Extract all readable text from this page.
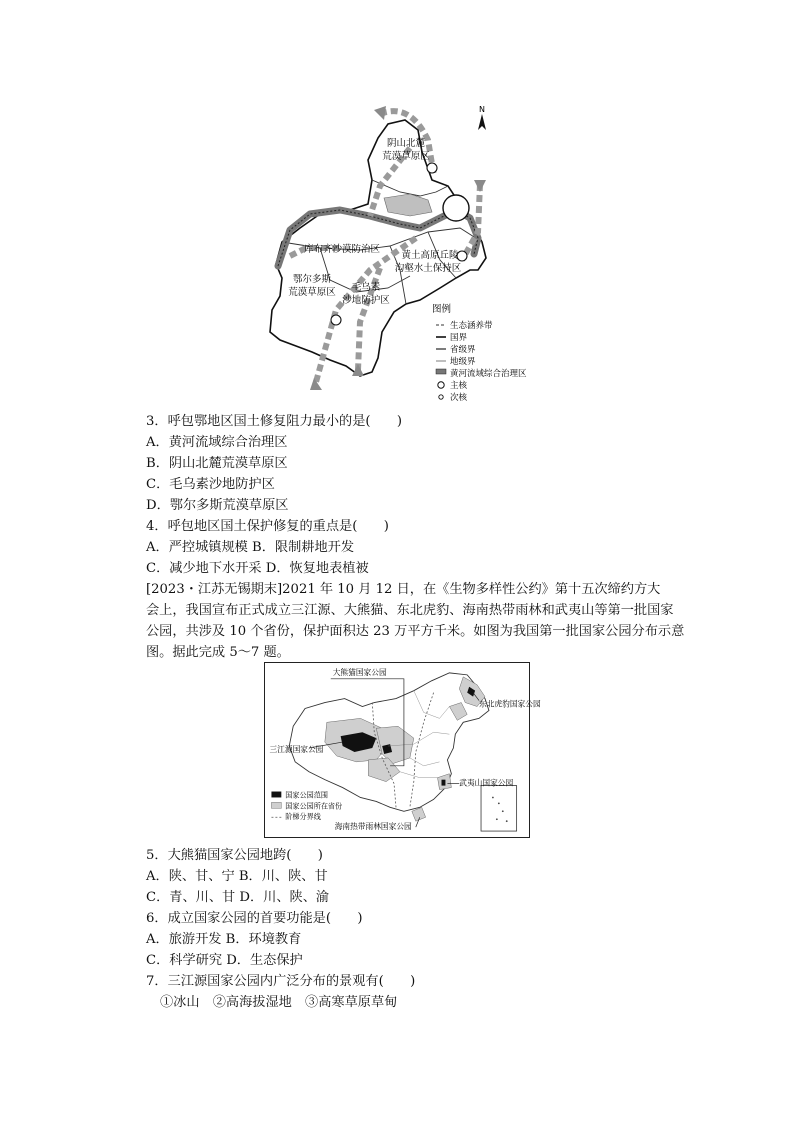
N
阴山北麓
荒漠草原区
库布齐沙漠防治区
黄土高原丘陵
沟壑水土保持区
鄂尔多斯
荒漠草原区 毛乌素
沙地防护区
图例
生态涵养带
国界
省级界
地级界
黄河流域综合治理区
主核
次核
3．呼包鄂地区国土修复阻力最小的是(　　)
A．黄河流域综合治理区
B．阴山北麓荒漠草原区
C．毛乌素沙地防护区
D．鄂尔多斯荒漠草原区
4．呼包地区国土保护修复的重点是(　　)
A．严控城镇规模 B．限制耕地开发
C．减少地下水开采 D．恢复地表植被
[2023・江苏无锡期末]2021 年 10 月 12 日，在《生物多样性公约》第十五次缔约方大
会上，我国宣布正式成立三江源、大熊猫、东北虎豹、海南热带雨林和武夷山等第一批国家
公园，共涉及 10 个省份，保护面积达 23 万平方千米。如图为我国第一批国家公园分布示意
图。据此完成 5～7 题。
大熊猫国家公园
东北虎豹国家公园
三江源国家公园
武夷山国家公园
海南热带雨林国家公园
国家公园范围
国家公园所在省份
阶梯分界线
5．大熊猫国家公园地跨(　　)
A．陕、甘、宁 B．川、陕、甘
C．青、川、甘 D．川、陕、渝
6．成立国家公园的首要功能是(　　)
A．旅游开发 B．环境教育
C．科学研究 D．生态保护
7．三江源国家公园内广泛分布的景观有(　　)
①冰山　②高海拔湿地　③高寒草原草甸
